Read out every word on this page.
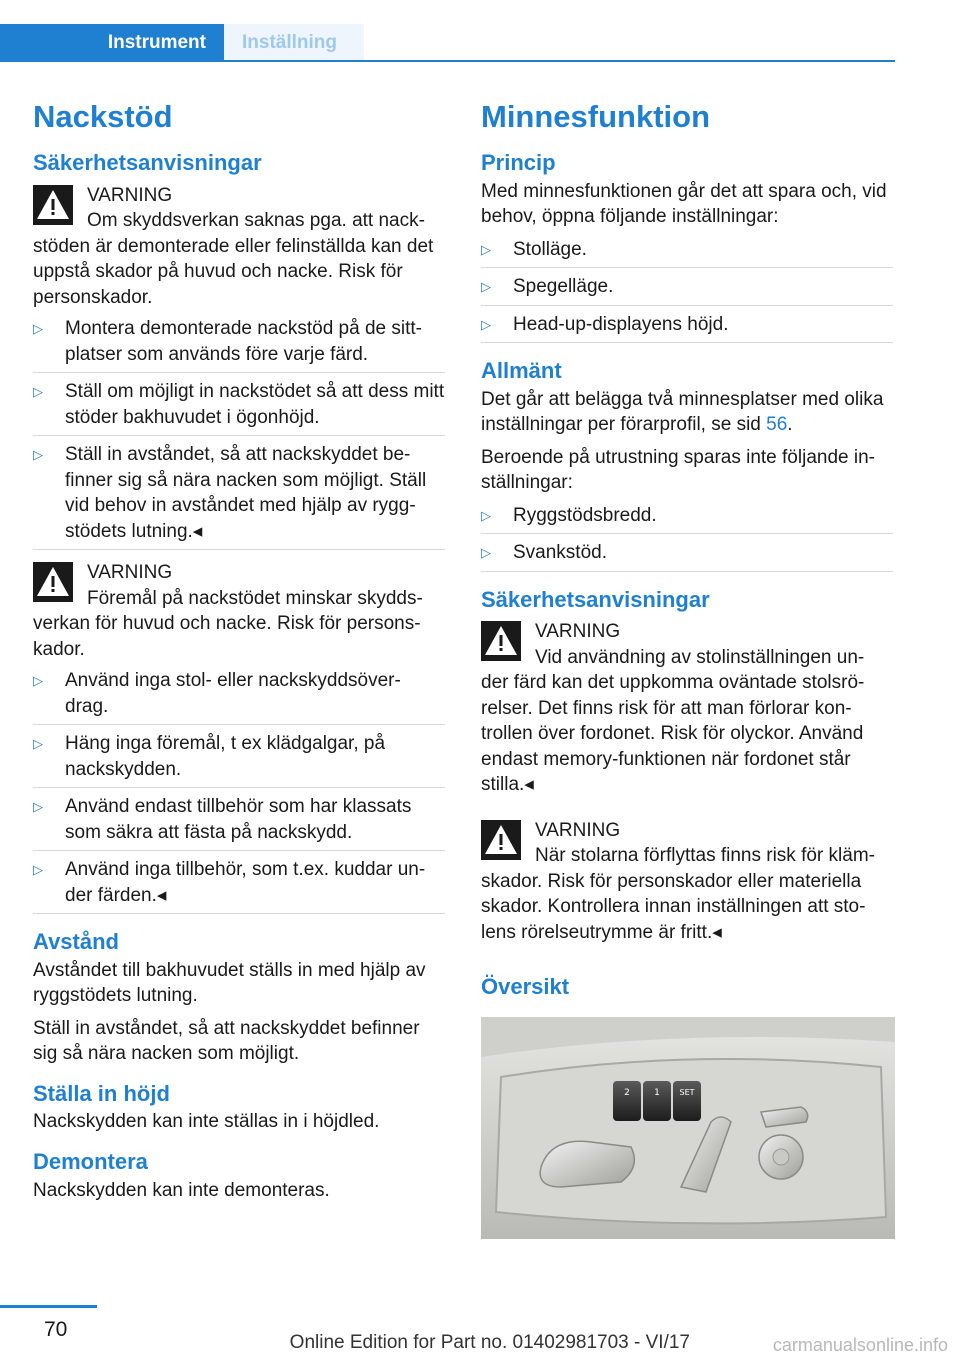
Instrument	Inställning
Nackstöd
Säkerhetsanvisningar
VARNING
Om skyddsverkan saknas pga. att nack- stöden är demonterade eller felinställda kan det uppstå skador på huvud och nacke. Risk för personskador.
▷ Montera demonterade nackstöd på de sitt- platser som används före varje färd.
▷ Ställ om möjligt in nackstödet så att dess mitt stöder bakhuvudet i ögonhöjd.
▷ Ställ in avståndet, så att nackskyddet be- finner sig så nära nacken som möjligt. Ställ vid behov in avståndet med hjälp av rygg- stödets lutning.◂
VARNING
Föremål på nackstödet minskar skydds- verkan för huvud och nacke. Risk för persons- kador.
▷ Använd inga stol- eller nackskyddsöver- drag.
▷ Häng inga föremål, t ex klädgalgar, på nackskydden.
▷ Använd endast tillbehör som har klassats som säkra att fästa på nackskydd.
▷ Använd inga tillbehör, som t.ex. kuddar un- der färden.◂
Avstånd

Avståndet till bakhuvudet ställs in med hjälp av ryggstödets lutning.

Ställ in avståndet, så att nackskyddet befinner sig så nära nacken som möjligt.

Ställa in höjd

Nackskydden kan inte ställas in i höjdled.

Demontera

Nackskydden kan inte demonteras.

Minnesfunktion
Princip

Med minnesfunktionen går det att spara och, vid behov, öppna följande inställningar:

▷ Stolläge.
▷ Spegelläge.
▷ Head-up-displayens höjd.
Allmänt

Det går att belägga två minnesplatser med olika inställningar per förarprofil, se sid 56.

Beroende på utrustning sparas inte följande in- ställningar:

▷ Ryggstödsbredd.
▷ Svankstöd.
Säkerhetsanvisningar
VARNING
Vid användning av stolinställningen un- der färd kan det uppkomma oväntade stolsrö- relser. Det finns risk för att man förlorar kon- trollen över fordonet. Risk för olyckor. Använd endast memory-funktionen när fordonet står stilla.◂
VARNING
När stolarna förflyttas finns risk för kläm- skador. Risk för personskador eller materiella skador. Kontrollera innan inställningen att sto- lens rörelseutrymme är fritt.◂
Översikt
2	1 SET
70
Online Edition for Part no. 01402981703 - VI/17	carmanualsonline.info
